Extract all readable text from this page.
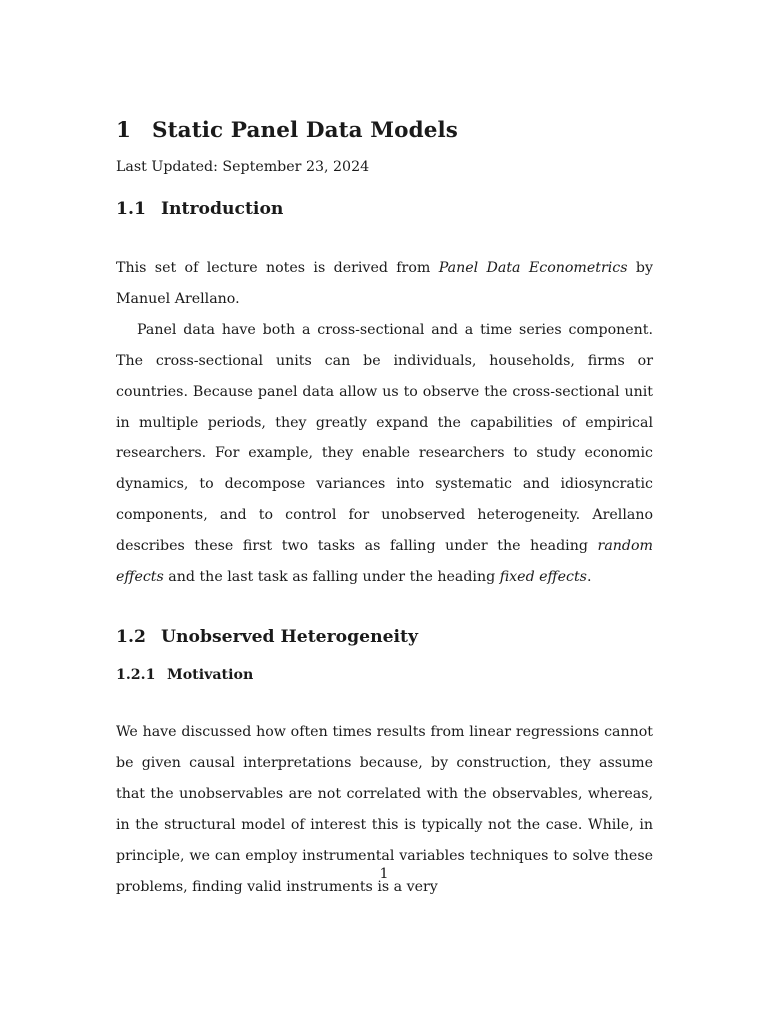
1 Static Panel Data Models
Last Updated: September 23, 2024
1.1 Introduction

This set of lecture notes is derived from Panel Data Econometrics by Manuel Arellano.

Panel data have both a cross-sectional and a time series component. The cross-sectional units can be individuals, households, firms or countries. Because panel data allow us to observe the cross-sectional unit in multiple periods, they greatly expand the capabilities of empirical researchers. For example, they enable researchers to study economic dynamics, to decompose variances into systematic and idiosyncratic components, and to control for unobserved heterogeneity. Arellano describes these first two tasks as falling under the heading random effects and the last task as falling under the heading fixed effects.

1.2 Unobserved Heterogeneity
1.2.1 Motivation

We have discussed how often times results from linear regressions cannot be given causal interpretations because, by construction, they assume that the unobservables are not correlated with the observables, whereas, in the structural model of interest this is typically not the case. While, in principle, we can employ instrumental variables techniques to solve these problems, finding valid instruments is a very

1
